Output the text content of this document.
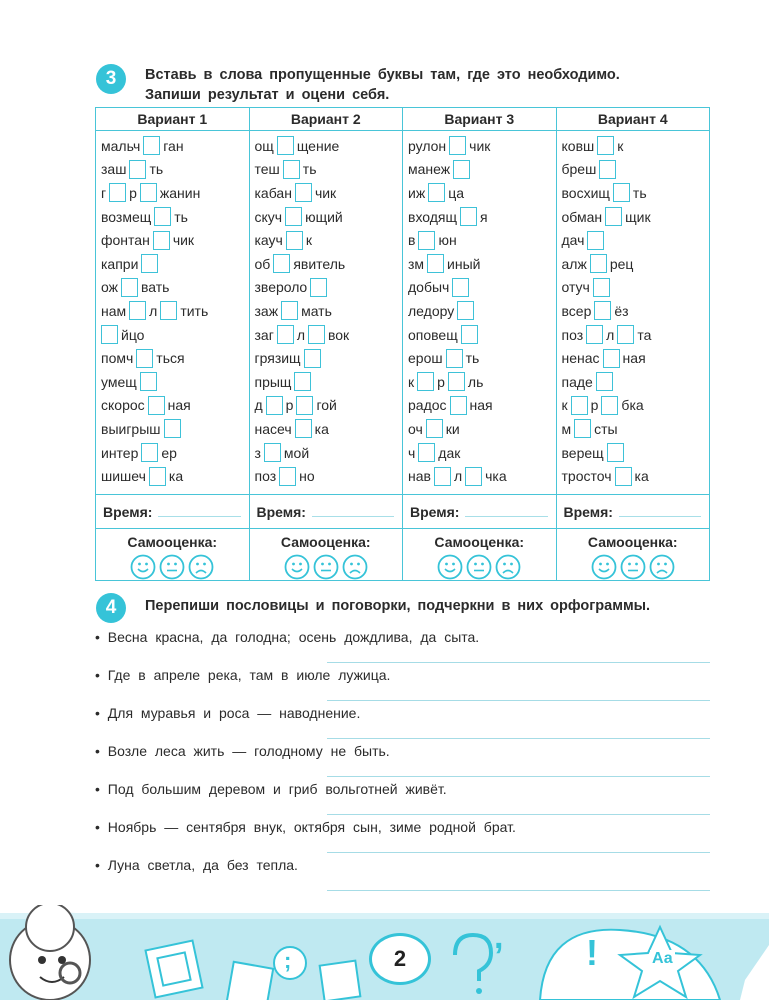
3	Вставь в слова пропущенные буквы там, где это необходимо.
Запиши результат и оцени себя.
Вариант 1
мальч ган
заш ть
г р жанин
возмещ ть
фонтан чик
капри
ож вать
нам л тить
йцо
помч ться
умещ
скорос ная
выигрыш
интер ер
шишеч ка
Время:
Самооценка:
Вариант 2
ощ щение
теш ть
кабан чик
скуч ющий
кауч к
об явитель
зверол о
заж мать
заг л вок
грязищ
прыщ
д р гой
насеч ка
з мой
поз но
Время:
Самооценка:
Вариант 3
рулон чик
манеж
иж ца
входящ я
в юн
зм иный
добыч
ледору
оповещ
ерош ть
к р ль
радос ная
оч ки
ч дак
нав л чка
Время:
Самооценка:
Вариант 4
ковш к
бреш
восхищ ть
обман щик
дач
алж рец
отуч
всер ёз
поз л та
ненас ная
паде
к р бка
м сты
верещ
тросточ ка
Время:
Самооценка:
4	Перепиши пословицы и поговорки, подчеркни в них орфограммы.
• Весна красна, да голодна; осень дождлива, да сыта.
• Где в апреле река, там в июле лужица.
• Для муравья и роса — наводнение.
• Возле леса жить — голодному не быть.
• Под большим деревом и гриб вольготней живёт.
• Ноябрь — сентября внук, октября сын, зиме родной брат.
• Луна светла, да без тепла.
!
;
,
Аа
2
